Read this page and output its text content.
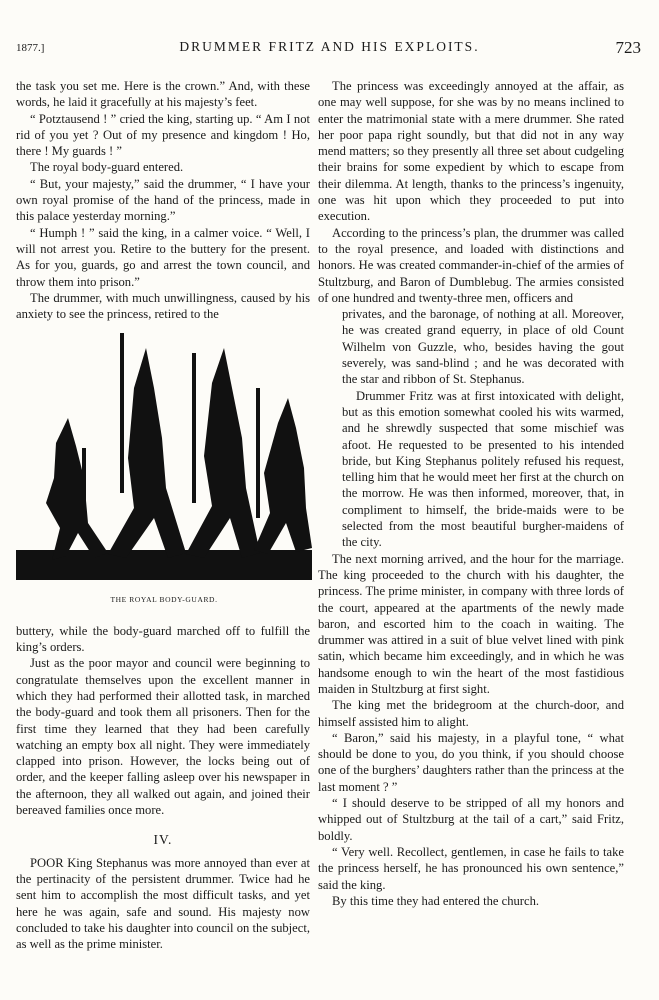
1877.]	DRUMMER FRITZ AND HIS EXPLOITS.	723

the task you set me. Here is the crown.” And, with these words, he laid it gracefully at his majesty’s feet.

“ Potztausend ! ” cried the king, starting up. “ Am I not rid of you yet ? Out of my presence and kingdom ! Ho, there ! My guards ! ”

The royal body-guard entered.

“ But, your majesty,” said the drummer, “ I have your own royal promise of the hand of the princess, made in this palace yesterday morning.”

“ Humph ! ” said the king, in a calmer voice. “ Well, I will not arrest you. Retire to the buttery for the present. As for you, guards, go and arrest the town council, and throw them into prison.”

The drummer, with much unwillingness, caused by his anxiety to see the princess, retired to the

THE ROYAL BODY-GUARD.

buttery, while the body-guard marched off to fulfill the king’s orders.

Just as the poor mayor and council were beginning to congratulate themselves upon the excellent manner in which they had performed their allotted task, in marched the body-guard and took them all prisoners. Then for the first time they learned that they had been carefully watching an empty box all night. They were immediately clapped into prison. However, the locks being out of order, and the keeper falling asleep over his newspaper in the afternoon, they all walked out again, and joined their bereaved families once more.

IV.

POOR King Stephanus was more annoyed than ever at the pertinacity of the persistent drummer. Twice had he sent him to accomplish the most difficult tasks, and yet here he was again, safe and sound. His majesty now concluded to take his daughter into council on the subject, as well as the prime minister.

The princess was exceedingly annoyed at the affair, as one may well suppose, for she was by no means inclined to enter the matrimonial state with a mere drummer. She rated her poor papa right soundly, but that did not in any way mend matters; so they presently all three set about cudgeling their brains for some expedient by which to escape from their dilemma. At length, thanks to the princess’s ingenuity, one was hit upon which they proceeded to put into execution.

According to the princess’s plan, the drummer was called to the royal presence, and loaded with distinctions and honors. He was created commander-in-chief of the armies of Stultzburg, and Baron of Dumblebug. The armies consisted of one hundred and twenty-three men, officers and

privates, and the baronage, of nothing at all. Moreover, he was created grand equerry, in place of old Count Wilhelm von Guzzle, who, besides having the gout severely, was sand-blind ; and he was decorated with the star and ribbon of St. Stephanus.

Drummer Fritz was at first intoxicated with delight, but as this emotion somewhat cooled his wits warmed, and he shrewdly suspected that some mischief was afoot. He requested to be presented to his intended bride, but King Stephanus politely refused his request, telling him that he would meet her first at the church on the morrow. He was then informed, moreover, that, in compliment to himself, the bride-maids were to be selected from the most beautiful burgher-maidens of the city.

The next morning arrived, and the hour for the marriage. The king proceeded to the church with his daughter, the princess. The prime minister, in company with three lords of the court, appeared at the apartments of the newly made baron, and escorted him to the coach in waiting. The drummer was attired in a suit of blue velvet lined with pink satin, which became him exceedingly, and in which he was handsome enough to win the heart of the most fastidious maiden in Stultzburg at first sight.

The king met the bridegroom at the church-door, and himself assisted him to alight.

“ Baron,” said his majesty, in a playful tone, “ what should be done to you, do you think, if you should choose one of the burghers’ daughters rather than the princess at the last moment ? ”

“ I should deserve to be stripped of all my honors and whipped out of Stultzburg at the tail of a cart,” said Fritz, boldly.

“ Very well. Recollect, gentlemen, in case he fails to take the princess herself, he has pronounced his own sentence,” said the king.

By this time they had entered the church.
